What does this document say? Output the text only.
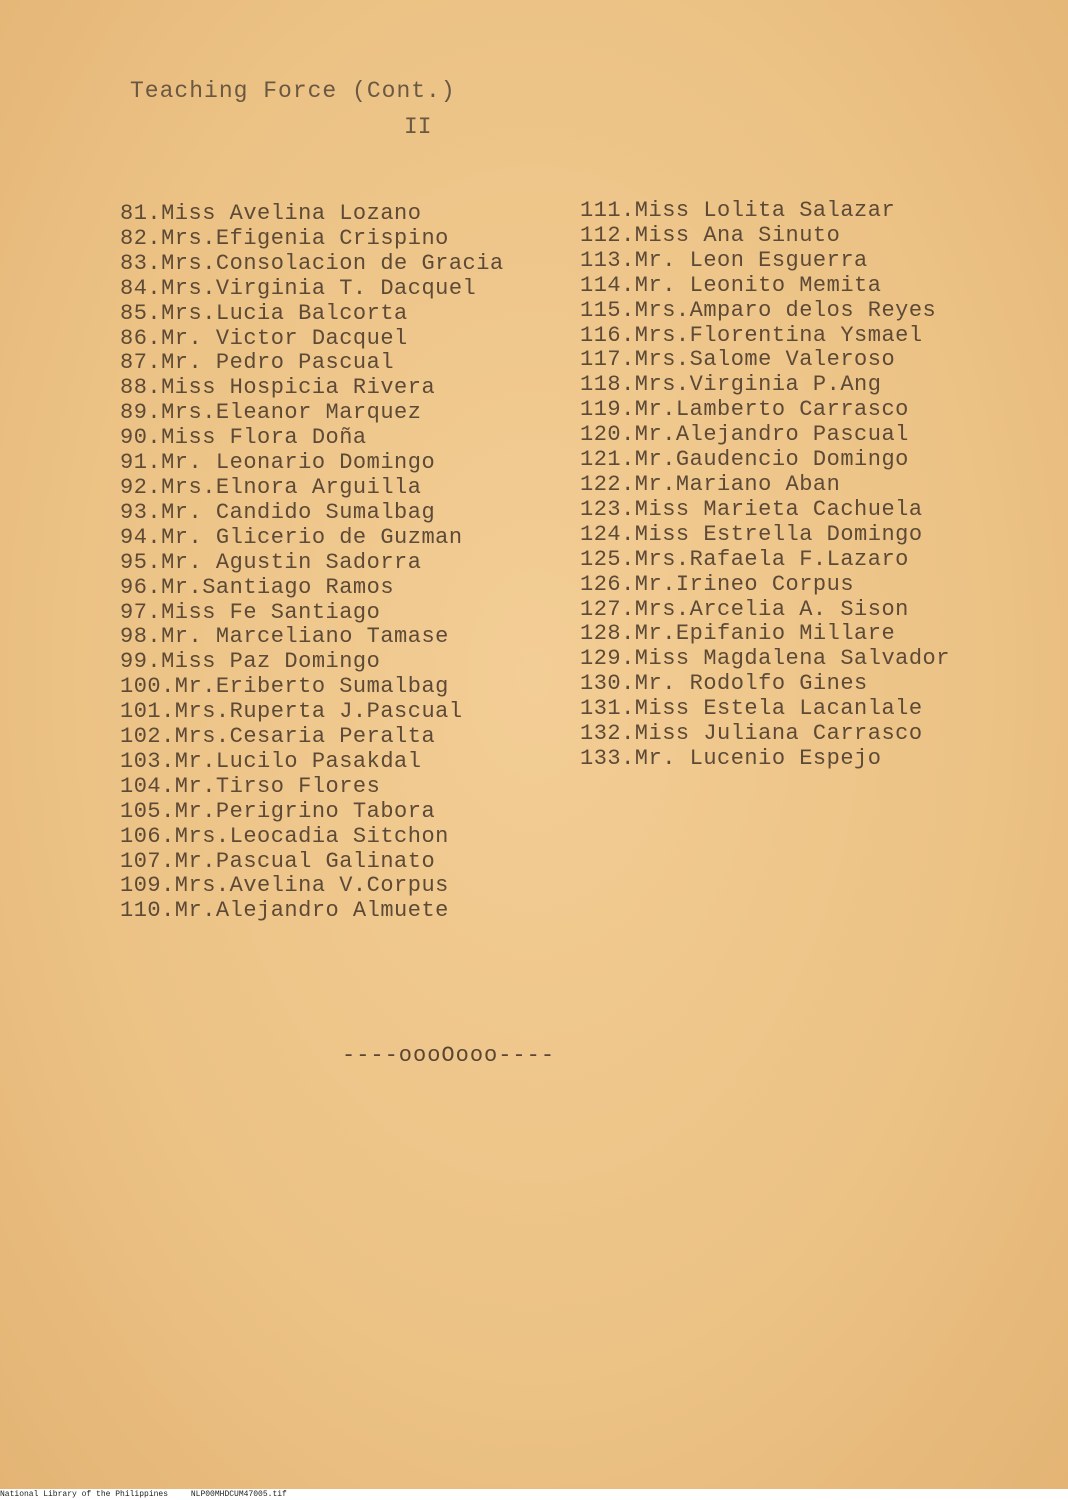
Teaching Force (Cont.)
II
81.Miss Avelina Lozano
82.Mrs.Efigenia Crispino
83.Mrs.Consolacion de Gracia
84.Mrs.Virginia T. Dacquel
85.Mrs.Lucia Balcorta
86.Mr. Victor Dacquel
87.Mr. Pedro Pascual
88.Miss Hospicia Rivera
89.Mrs.Eleanor Marquez
90.Miss Flora Doña
91.Mr. Leonario Domingo
92.Mrs.Elnora Arguilla
93.Mr. Candido Sumalbag
94.Mr. Glicerio de Guzman
95.Mr. Agustin Sadorra
96.Mr.Santiago Ramos
97.Miss Fe Santiago
98.Mr. Marceliano Tamase
99.Miss Paz Domingo
100.Mr.Eriberto Sumalbag
101.Mrs.Ruperta J.Pascual
102.Mrs.Cesaria Peralta
103.Mr.Lucilo Pasakdal
104.Mr.Tirso Flores
105.Mr.Perigrino Tabora
106.Mrs.Leocadia Sitchon
107.Mr.Pascual Galinato
109.Mrs.Avelina V.Corpus
110.Mr.Alejandro Almuete
111.Miss Lolita Salazar
112.Miss Ana Sinuto
113.Mr. Leon Esguerra
114.Mr. Leonito Memita
115.Mrs.Amparo delos Reyes
116.Mrs.Florentina Ysmael
117.Mrs.Salome Valeroso
118.Mrs.Virginia P.Ang
119.Mr.Lamberto Carrasco
120.Mr.Alejandro Pascual
121.Mr.Gaudencio Domingo
122.Mr.Mariano Aban
123.Miss Marieta Cachuela
124.Miss Estrella Domingo
125.Mrs.Rafaela F.Lazaro
126.Mr.Irineo Corpus
127.Mrs.Arcelia A. Sison
128.Mr.Epifanio Millare
129.Miss Magdalena Salvador
130.Mr. Rodolfo Gines
131.Miss Estela Lacanlale
132.Miss Juliana Carrasco
133.Mr. Lucenio Espejo
----oooOooo----
National Library of the Philippines	NLP00MHDCUM47005.tif
